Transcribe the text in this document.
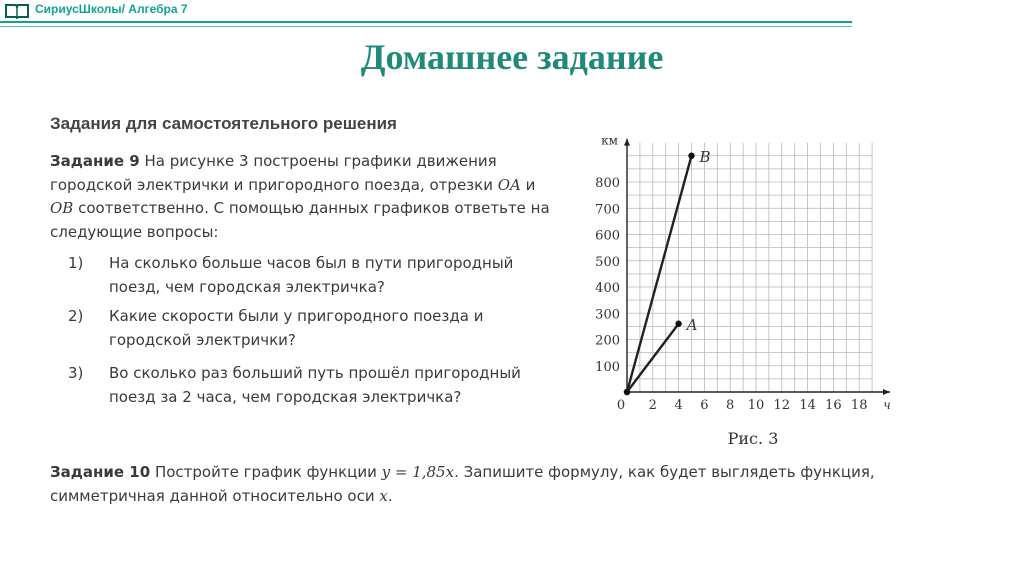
СириусШколы/ Алгебра 7
Домашнее задание
Задания для самостоятельного решения
Задание 9 На рисунке 3 построены графики движения городской электрички и пригородного поезда, отрезки OA и OB соответственно. С помощью данных графиков ответьте на следующие вопросы:
1) На сколько больше часов был в пути пригородный поезд, чем городская электричка?
2) Какие скорости были у пригородного поезда и городской электрички?
3) Во сколько раз больший путь прошёл пригородный поезд за 2 часа, чем городская электричка?
Задание 10 Постройте график функции y = 1,85x. Запишите формулу, как будет выглядеть функция, симметричная данной относительно оси x.
2 4 6 8 10 12 14 16 18
100
200
300
400
500
600
700
800
0
км
ч
A
B
Рис. 3
